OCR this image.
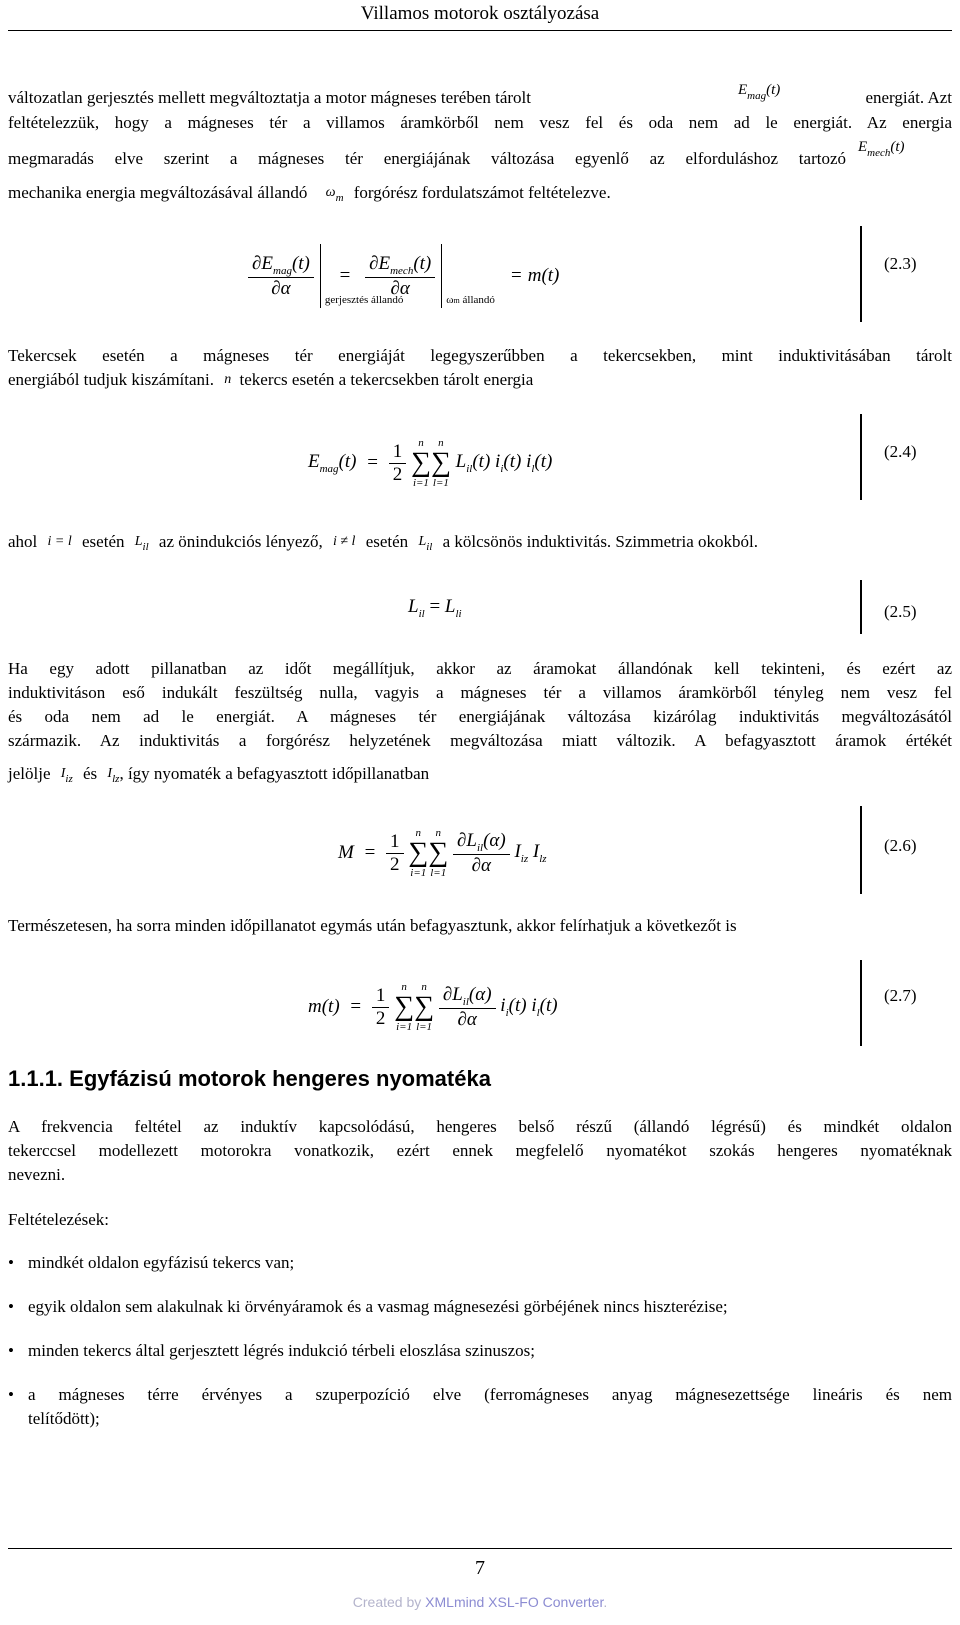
Villamos motorok osztályozása
változatlan gerjesztés mellett megváltoztatja a motor mágneses terében tárolt	$E_{mag}(t)$	energiát. Azt
feltételezzük, hogy a mágneses tér a villamos áramkörből nem vesz fel és oda nem ad le energiát. Az energia
megmaradás elve szerint a mágneses tér energiájának változása egyenlő az elforduláshoz tartozó
$E_{mech}(t)$
mechanika energia megváltozásával állandó $\omega_m$ forgórész fordulatszámot feltételezve.
$\frac{\partial E_{mag}(t)}{\partial\alpha}$
gerjesztés állandó
= $\frac{\partial E_{mech}(t)}{\partial\alpha}$
ωm állandó
= m(t)
(2.3)
Tekercsek esetén a mágneses tér energiáját legegyszerűbben a tekercsekben, mint induktivitásában tárolt
energiából tudjuk kiszámítani. n tekercs esetén a tekercsekben tárolt energia
$E_{mag}(t) = \frac{1}{2}$
	n
∑
i=1
n
∑
l=1
$L_{il}(t)$ $i_i(t)$ $i_l(t)$	(2.4)
ahol i = l esetén $L_{il}$ az önindukciós lényező, i ≠ l esetén $L_{il}$ a kölcsönös induktivitás. Szimmetria okokból.
$L_{il} = L_{li}$	(2.5)
Ha egy adott pillanatban az időt megállítjuk, akkor az áramokat állandónak kell tekinteni, és ezért az
induktivitáson eső indukált feszültség nulla, vagyis a mágneses tér a villamos áramkörből tényleg nem vesz fel
és oda nem ad le energiát. A mágneses tér energiájának változása kizárólag induktivitás megváltozásától
származik. Az induktivitás a forgórész helyzetének megváltozása miatt változik. A befagyasztott áramok értékét
jelölje $I_{iz}$ és $I_{lz}$, így nyomaték a befagyasztott időpillanatban
$M = \frac{1}{2}$
	n
∑
i=1
n
∑
l=1
$\frac{\partial L_{il}(\alpha)}{\partial\alpha} I_{iz}$ $I_{lz}$
(2.6)
Természetesen, ha sorra minden időpillanatot egymás után befagyasztunk, akkor felírhatjuk a következőt is
$m(t) = \frac{1}{2}$
	n
∑
i=1
n
∑
l=1
$\frac{\partial L_{il}(\alpha)}{\partial\alpha} i_i(t)$ $i_l(t)$	(2.7)
1.1.1. Egyfázisú motorok hengeres nyomatéka
A frekvencia feltétel az induktív kapcsolódású, hengeres belső részű (állandó légrésű) és mindkét oldalon
tekerccsel modellezett motorokra vonatkozik, ezért ennek megfelelő nyomatékot szokás hengeres nyomatéknak
nevezni.
Feltételezések:
• mindkét oldalon egyfázisú tekercs van;
• egyik oldalon sem alakulnak ki örvényáramok és a vasmag mágnesezési görbéjének nincs hiszterézise;
• minden tekercs által gerjesztett légrés indukció térbeli eloszlása szinuszos;
• a mágneses térre érvényes a szuperpozíció elve (ferromágneses anyag mágnesezettsége lineáris és nem
telítődött);
7
Created by XMLmind XSL-FO Converter.
